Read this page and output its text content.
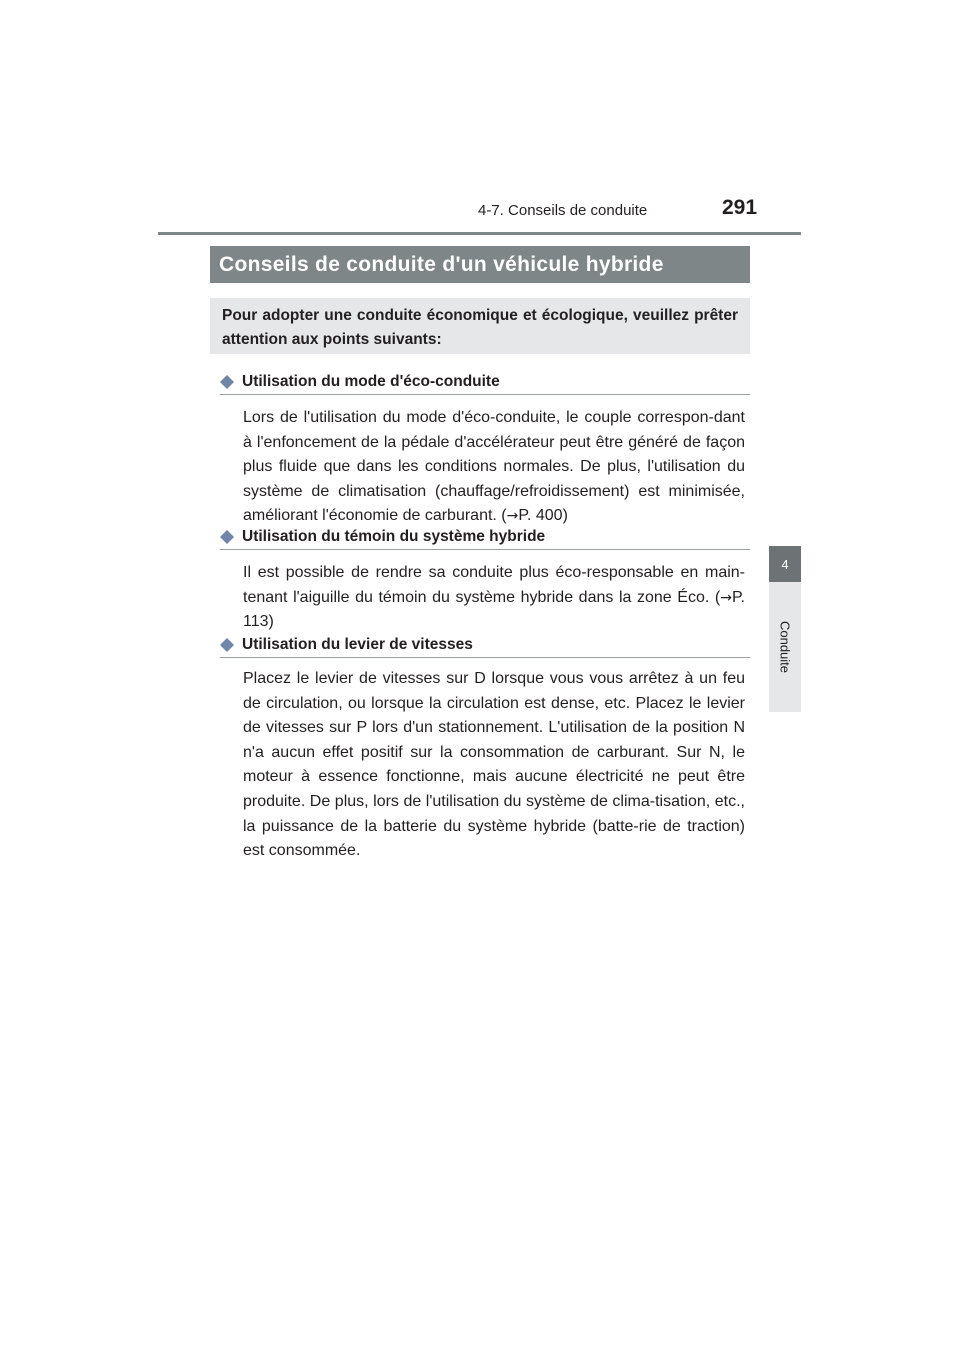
4-7. Conseils de conduite	291
4
Conduite
Conseils de conduite d'un véhicule hybride
Pour adopter une conduite économique et écologique, veuillez prêter attention aux points suivants:
Utilisation du mode d'éco-conduite
Lors de l'utilisation du mode d'éco-conduite, le couple correspon-dant à l'enfoncement de la pédale d'accélérateur peut être généré de façon plus fluide que dans les conditions normales. De plus, l'utilisation du système de climatisation (chauffage/refroidissement) est minimisée, améliorant l'économie de carburant. (→P. 400)
Utilisation du témoin du système hybride
Il est possible de rendre sa conduite plus éco-responsable en main-tenant l'aiguille du témoin du système hybride dans la zone Éco. (→P. 113)
Utilisation du levier de vitesses
Placez le levier de vitesses sur D lorsque vous vous arrêtez à un feu de circulation, ou lorsque la circulation est dense, etc. Placez le levier de vitesses sur P lors d'un stationnement. L'utilisation de la position N n'a aucun effet positif sur la consommation de carburant. Sur N, le moteur à essence fonctionne, mais aucune électricité ne peut être produite. De plus, lors de l'utilisation du système de clima-tisation, etc., la puissance de la batterie du système hybride (batte-rie de traction) est consommée.
